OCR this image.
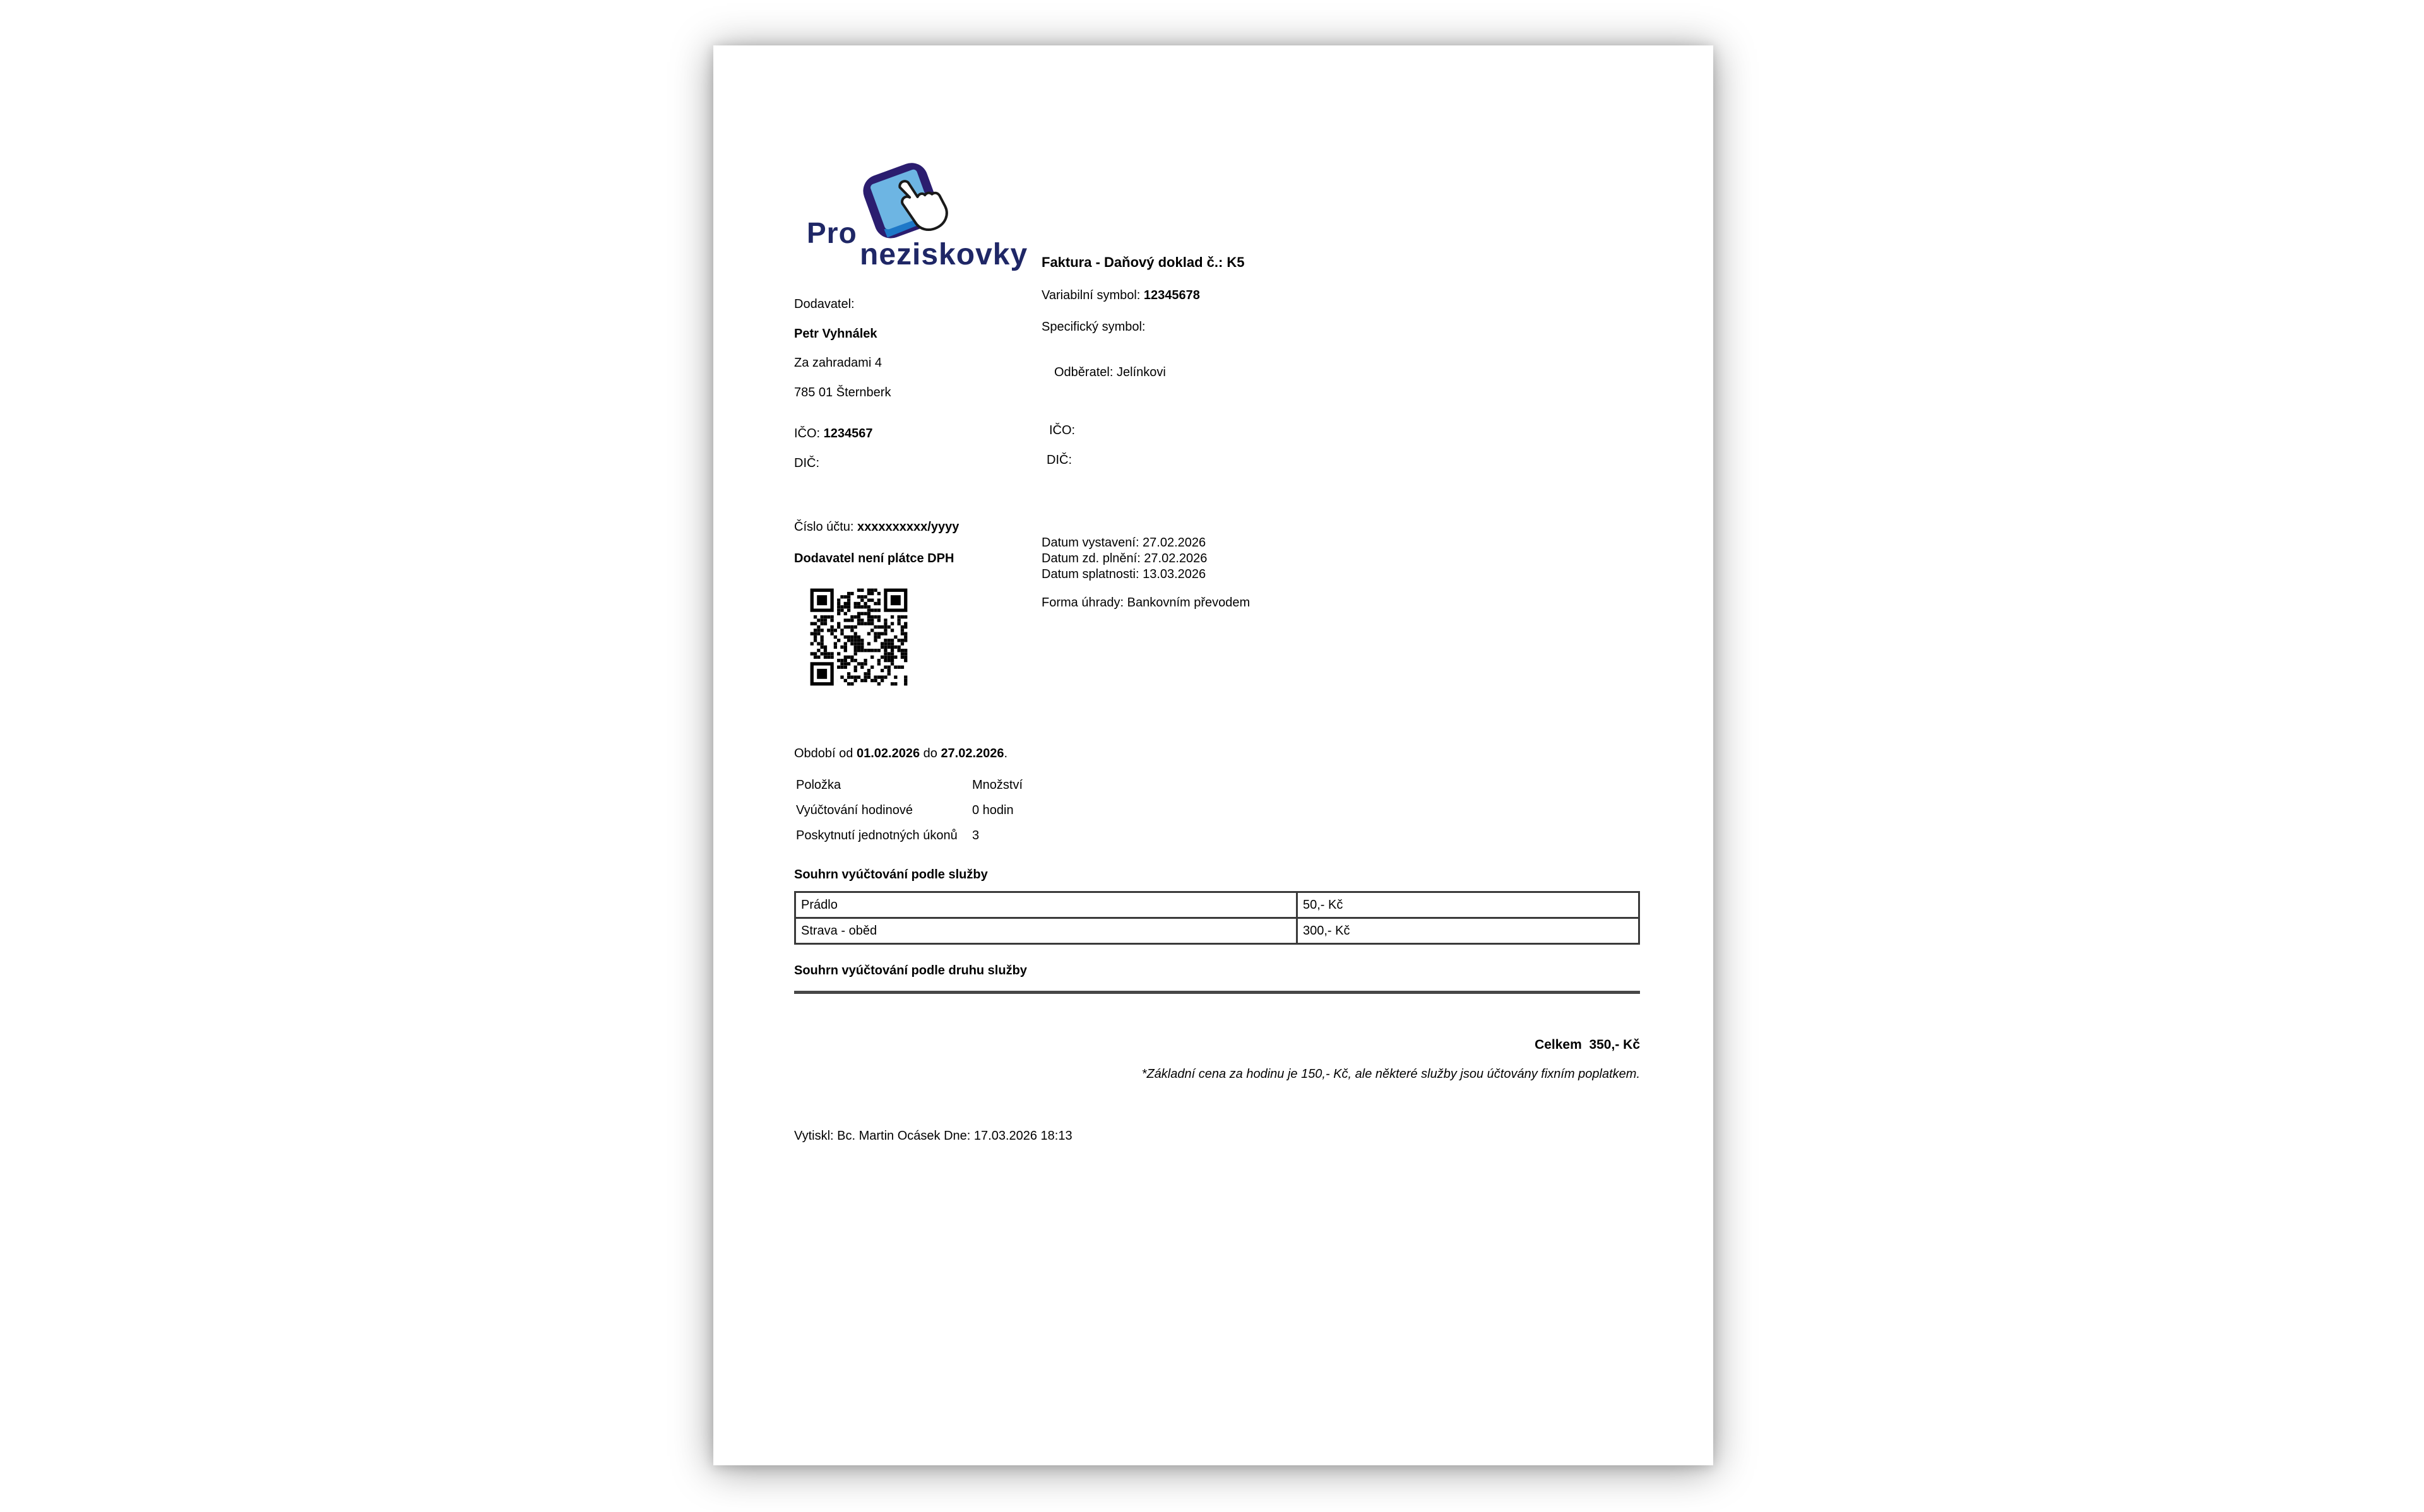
Pro
neziskovky Faktura - Daňový doklad č.: K5
Variabilní symbol: 12345678
Specifický symbol:
Odběratel: Jelínkovi
IČO:
DIČ:
Dodavatel:
Petr Vyhnálek
Za zahradami 4
785 01 Šternberk
IČO: 1234567
DIČ:
Číslo účtu: xxxxxxxxxx/yyyy
Dodavatel není plátce DPH
Datum vystavení: 27.02.2026
Datum zd. plnění: 27.02.2026
Datum splatnosti: 13.03.2026
Forma úhrady: Bankovním převodem
Období od 01.02.2026 do 27.02.2026.
Položka	Množství
Vyúčtování hodinové	0 hodin
Poskytnutí jednotných úkonů 3
Souhrn vyúčtování podle služby
Prádlo	50,- Kč
Strava - oběd	300,- Kč
Souhrn vyúčtování podle druhu služby
Celkem 350,- Kč
*Základní cena za hodinu je 150,- Kč, ale některé služby jsou účtovány fixním poplatkem.
Vytiskl: Bc. Martin Ocásek Dne: 17.03.2026 18:13
